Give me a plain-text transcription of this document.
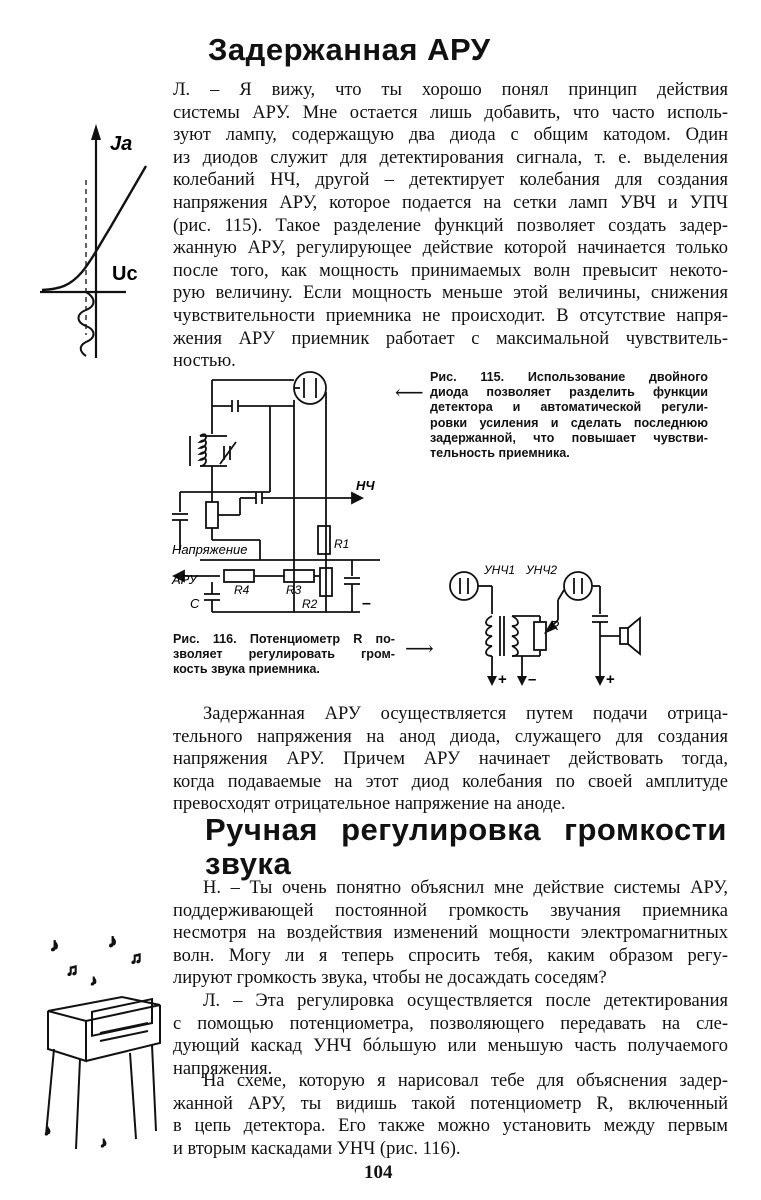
Задержанная АРУ
Ja
Uc
Л. – Я вижу, что ты хорошо понял принцип действия
системы АРУ. Мне остается лишь добавить, что часто исполь-
зуют лампу, содержащую два диода с общим катодом. Один
из диодов служит для детектирования сигнала, т. е. выделения
колебаний НЧ, другой – детектирует колебания для создания
напряжения АРУ, которое подается на сетки ламп УВЧ и УПЧ
(рис. 115). Такое разделение функций позволяет создать задер-
жанную АРУ, регулирующее действие которой начинается только
после того, как мощность принимаемых волн превысит некото-
рую величину. Если мощность меньше этой величины, снижения
чувствительности приемника не происходит. В отсутствие напря-
жения АРУ приемник работает с максимальной чувствитель-
ностью.
НЧ
Напряжение
АРУ
C
R1
R2
R3
R4
–
⟵
Рис. 115. Использование двойного
диода позволяет разделить функции
детектора и автоматической регули-
ровки усиления и сделать последнюю
задержанной, что повышает чувстви-
тельность приемника.
УНЧ1 УНЧ2
R
+ –	+
Рис. 116. Потенциометр R по-
зволяет регулировать гром-
кость звука приемника.
⟶
Задержанная АРУ осуществляется путем подачи отрица-
тельного напряжения на анод диода, служащего для создания
напряжения АРУ. Причем АРУ начинает действовать тогда,
когда подаваемые на этот диод колебания по своей амплитуде
превосходят отрицательное напряжение на аноде.
Ручная регулировка громкости
звука
♪
♫
♪
♫
♪
♪
♪
Н. – Ты очень понятно объяснил мне действие системы АРУ,
поддерживающей постоянной громкость звучания приемника
несмотря на воздействия изменений мощности электромагнитных
волн. Могу ли я теперь спросить тебя, каким образом регу-
лируют громкость звука, чтобы не досаждать соседям?
Л. – Эта регулировка осуществляется после детектирования
с помощью потенциометра, позволяющего передавать на сле-
дующий каскад УНЧ бóльшую или меньшую часть получаемого
напряжения.
На схеме, которую я нарисовал тебе для объяснения задер-
жанной АРУ, ты видишь такой потенциометр R, включенный
в цепь детектора. Его также можно установить между первым
и вторым каскадами УНЧ (рис. 116).
104
